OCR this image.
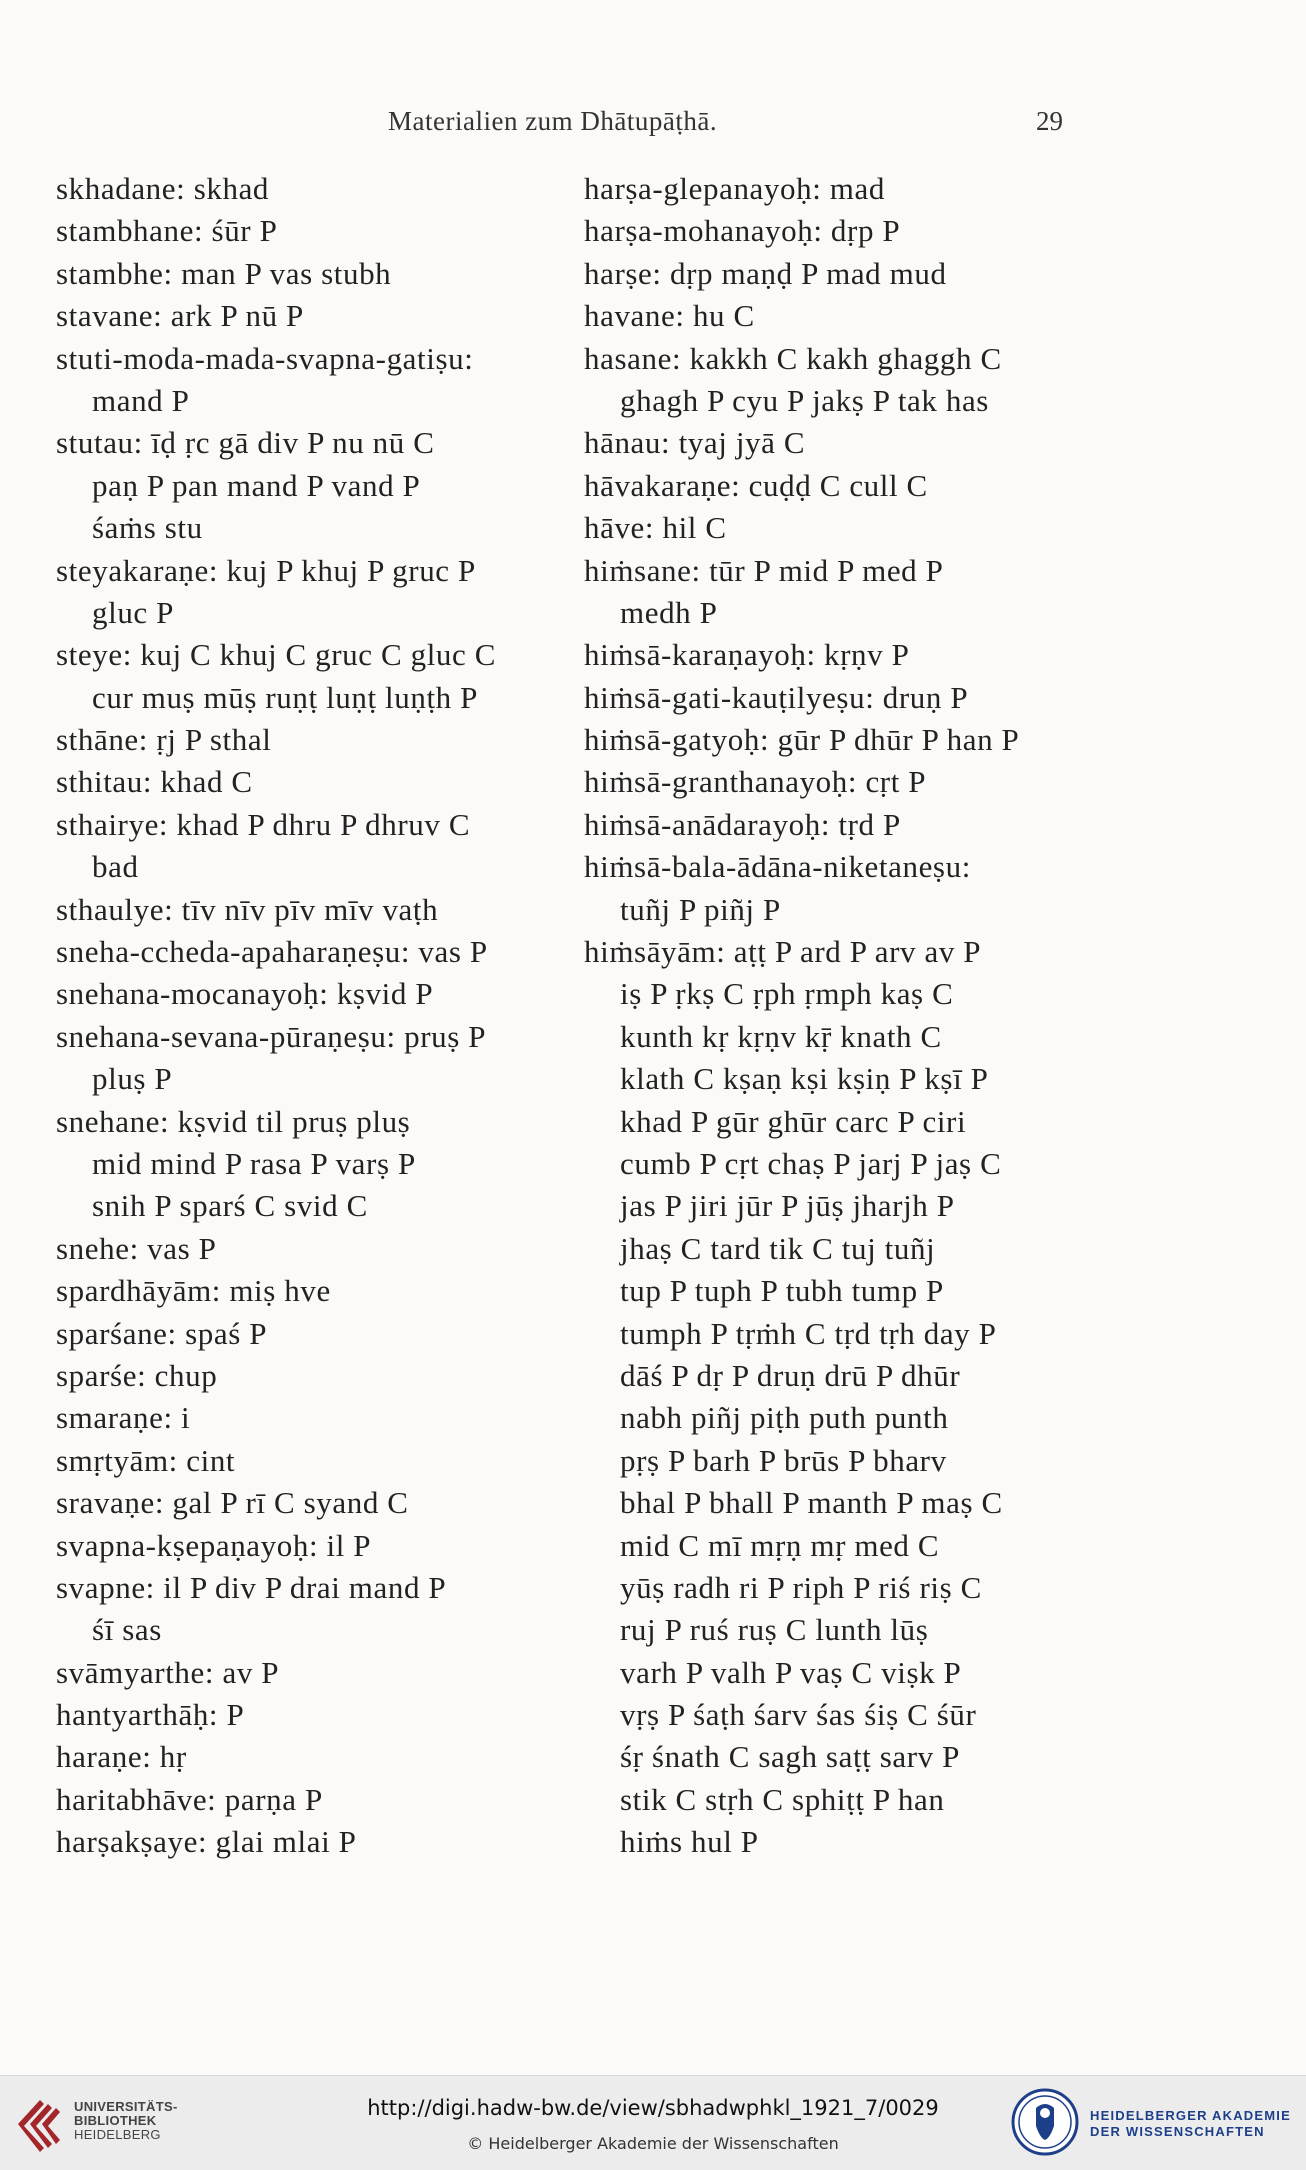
Materialien zum Dhātupāṭhā.	29
skhadane: skhad
stambhane: śūr P
stambhe: man P vas stubh
stavane: ark P nū P
stuti-moda-mada-svapna-gatiṣu:
mand P
stutau: īḍ ṛc gā div P nu nū C
paṇ P pan mand P vand P
śaṁs stu
steyakaraṇe: kuj P khuj P gruc P
gluc P
steye: kuj C khuj C gruc C gluc C
cur muṣ mūṣ ruṇṭ luṇṭ luṇṭh P
sthāne: ṛj P sthal
sthitau: khad C
sthairye: khad P dhru P dhruv C
bad
sthaulye: tīv nīv pīv mīv vaṭh
sneha-ccheda-apaharaṇeṣu: vas P
snehana-mocanayoḥ: kṣvid P
snehana-sevana-pūraṇeṣu: pruṣ P
pluṣ P
snehane: kṣvid til pruṣ pluṣ
mid mind P rasa P varṣ P
snih P sparś C svid C
snehe: vas P
spardhāyām: miṣ hve
sparśane: spaś P
sparśe: chup
smaraṇe: i
smṛtyām: cint
sravaṇe: gal P rī C syand C
svapna-kṣepaṇayoḥ: il P
svapne: il P div P drai mand P
śī sas
svāmyarthe: av P
hantyarthāḥ: P
haraṇe: hṛ
haritabhāve: parṇa P
harṣakṣaye: glai mlai P
harṣa-glepanayoḥ: mad
harṣa-mohanayoḥ: dṛp P
harṣe: dṛp maṇḍ P mad mud
havane: hu C
hasane: kakkh C kakh ghaggh C
ghagh P cyu P jakṣ P tak has
hānau: tyaj jyā C
hāvakaraṇe: cuḍḍ C cull C
hāve: hil C
hiṁsane: tūr P mid P med P
medh P
hiṁsā-karaṇayoḥ: kṛṇv P
hiṁsā-gati-kauṭilyeṣu: druṇ P
hiṁsā-gatyoḥ: gūr P dhūr P han P
hiṁsā-granthanayoḥ: cṛt P
hiṁsā-anādarayoḥ: tṛd P
hiṁsā-bala-ādāna-niketaneṣu:
tuñj P piñj P
hiṁsāyām: aṭṭ P ard P arv av P
iṣ P ṛkṣ C ṛph ṛmph kaṣ C
kunth kṛ kṛṇv kṝ knath C
klath C kṣaṇ kṣi kṣiṇ P kṣī P
khad P gūr ghūr carc P ciri
cumb P cṛt chaṣ P jarj P jaṣ C
jas P jiri jūr P jūṣ jharjh P
jhaṣ C tard tik C tuj tuñj
tup P tuph P tubh tump P
tumph P tṛṁh C tṛd tṛh day P
dāś P dṛ P druṇ drū P dhūr
nabh piñj piṭh puth punth
pṛṣ P barh P brūs P bharv
bhal P bhall P manth P maṣ C
mid C mī mṛṇ mṛ med C
yūṣ radh ri P riph P riś riṣ C
ruj P ruś ruṣ C lunth lūṣ
varh P valh P vaṣ C viṣk P
vṛṣ P śaṭh śarv śas śiṣ C śūr
śṛ śnath C sagh saṭṭ sarv P
stik C stṛh C sphiṭṭ P han
hiṁs hul P
UNIVERSITÄTS-
BIBLIOTHEK
HEIDELBERG
http://digi.hadw-bw.de/view/sbhadwphkl_1921_7/0029
© Heidelberger Akademie der Wissenschaften
HEIDELBERGER AKADEMIE
DER WISSENSCHAFTEN
